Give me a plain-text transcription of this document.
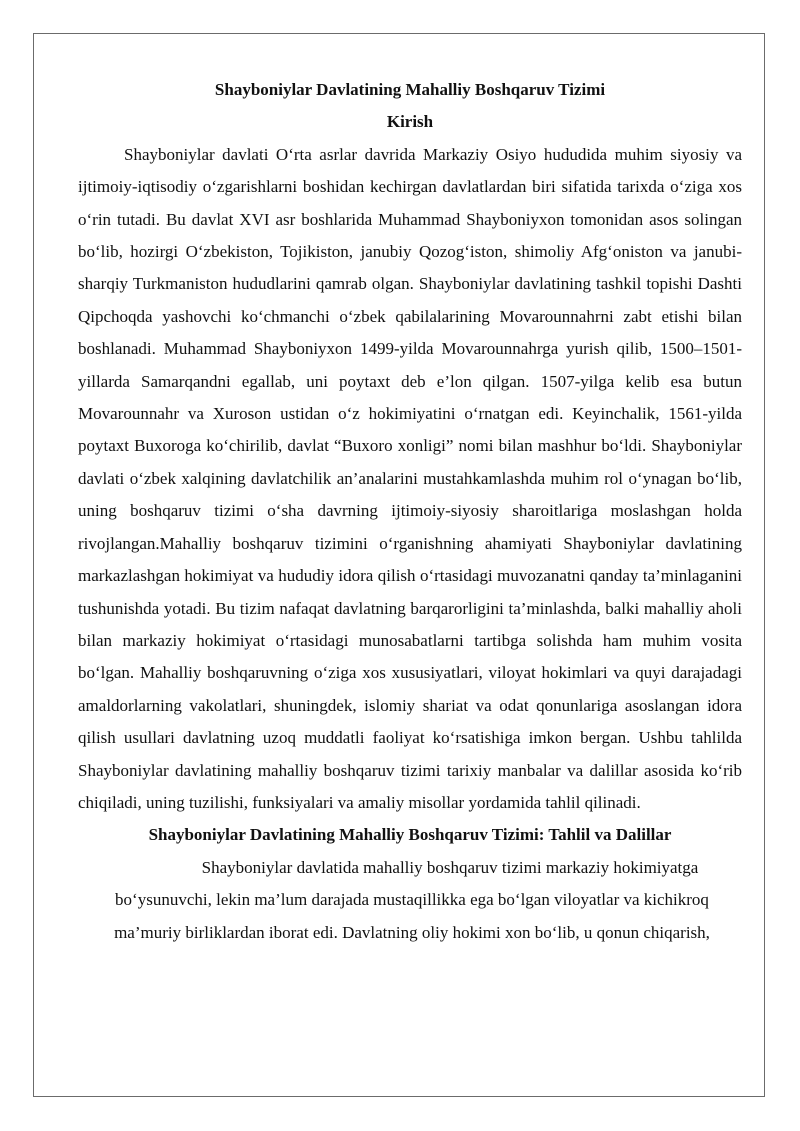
Shayboniylar Davlatining Mahalliy Boshqaruv Tizimi

Kirish

Shayboniylar davlati O‘rta asrlar davrida Markaziy Osiyo hududida muhim siyosiy va ijtimoiy-iqtisodiy o‘zgarishlarni boshidan kechirgan davlatlardan biri sifatida tarixda o‘ziga xos o‘rin tutadi. Bu davlat XVI asr boshlarida Muhammad Shayboniyxon tomonidan asos solingan bo‘lib, hozirgi O‘zbekiston, Tojikiston, janubiy Qozog‘iston, shimoliy Afg‘oniston va janubi-sharqiy Turkmaniston hududlarini qamrab olgan. Shayboniylar davlatining tashkil topishi Dashti Qipchoqda yashovchi ko‘chmanchi o‘zbek qabilalarining Movarounnahrni zabt etishi bilan boshlanadi. Muhammad Shayboniyxon 1499-yilda Movarounnahrga yurish qilib, 1500–1501-yillarda Samarqandni egallab, uni poytaxt deb e’lon qilgan. 1507-yilga kelib esa butun Movarounnahr va Xuroson ustidan o‘z hokimiyatini o‘rnatgan edi. Keyinchalik, 1561-yilda poytaxt Buxoroga ko‘chirilib, davlat “Buxoro xonligi” nomi bilan mashhur bo‘ldi. Shayboniylar davlati o‘zbek xalqining davlatchilik an’analarini mustahkamlashda muhim rol o‘ynagan bo‘lib, uning boshqaruv tizimi o‘sha davrning ijtimoiy-siyosiy sharoitlariga moslashgan holda rivojlangan.Mahalliy boshqaruv tizimini o‘rganishning ahamiyati Shayboniylar davlatining markazlashgan hokimiyat va hududiy idora qilish o‘rtasidagi muvozanatni qanday ta’minlaganini tushunishda yotadi. Bu tizim nafaqat davlatning barqarorligini ta’minlashda, balki mahalliy aholi bilan markaziy hokimiyat o‘rtasidagi munosabatlarni tartibga solishda ham muhim vosita bo‘lgan. Mahalliy boshqaruvning o‘ziga xos xususiyatlari, viloyat hokimlari va quyi darajadagi amaldorlarning vakolatlari, shuningdek, islomiy shariat va odat qonunlariga asoslangan idora qilish usullari davlatning uzoq muddatli faoliyat ko‘rsatishiga imkon bergan. Ushbu tahlilda Shayboniylar davlatining mahalliy boshqaruv tizimi tarixiy manbalar va dalillar asosida ko‘rib chiqiladi, uning tuzilishi, funksiyalari va amaliy misollar yordamida tahlil qilinadi.

Shayboniylar Davlatining Mahalliy Boshqaruv Tizimi: Tahlil va Dalillar

Shayboniylar davlatida mahalliy boshqaruv tizimi markaziy hokimiyatga bo‘ysunuvchi, lekin ma’lum darajada mustaqillikka ega bo‘lgan viloyatlar va kichikroq ma’muriy birliklardan iborat edi. Davlatning oliy hokimi xon bo‘lib, u qonun chiqarish,
